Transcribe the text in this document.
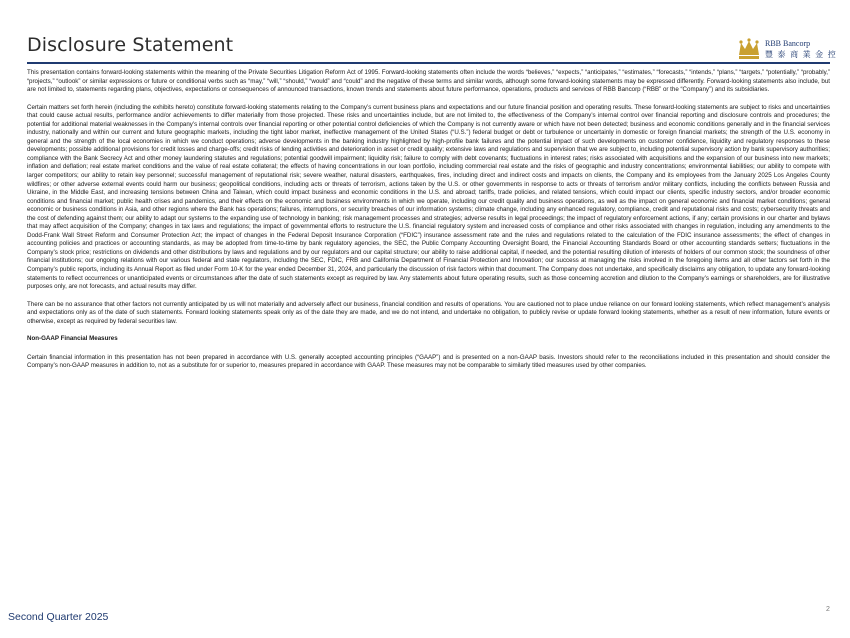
Disclosure Statement	RBB Bancorp
豐 泰 商 業 金 控

This presentation contains forward-looking statements within the meaning of the Private Securities Litigation Reform Act of 1995. Forward-looking statements often include the words “believes,” “expects,” “anticipates,” “estimates,” “forecasts,” “intends,” “plans,” “targets,” “potentially,” “probably,” “projects,” “outlook” or similar expressions or future or conditional verbs such as “may,” “will,” “should,” “would” and “could” and the negative of these terms and similar words, although some forward-looking statements may be expressed differently. Forward-looking statements also include, but are not limited to, statements regarding plans, objectives, expectations or consequences of announced transactions, known trends and statements about future performance, operations, products and services of RBB Bancorp (“RBB” or the “Company”) and its subsidiaries.

Certain matters set forth herein (including the exhibits hereto) constitute forward-looking statements relating to the Company’s current business plans and expectations and our future financial position and operating results. These forward-looking statements are subject to risks and uncertainties that could cause actual results, performance and/or achievements to differ materially from those projected. These risks and uncertainties include, but are not limited to, the effectiveness of the Company’s internal control over financial reporting and disclosure controls and procedures; the potential for additional material weaknesses in the Company’s internal controls over financial reporting or other potential control deficiencies of which the Company is not currently aware or which have not been detected; business and economic conditions generally and in the financial services industry, nationally and within our current and future geographic markets, including the tight labor market, ineffective management of the United States (“U.S.”) federal budget or debt or turbulence or uncertainly in domestic or foreign financial markets; the strength of the U.S. economy in general and the strength of the local economies in which we conduct operations; adverse developments in the banking industry highlighted by high-profile bank failures and the potential impact of such developments on customer confidence, liquidity and regulatory responses to these developments; possible additional provisions for credit losses and charge-offs; credit risks of lending activities and deterioration in asset or credit quality; extensive laws and regulations and supervision that we are subject to, including potential supervisory action by bank supervisory authorities; compliance with the Bank Secrecy Act and other money laundering statutes and regulations; potential goodwill impairment; liquidity risk; failure to comply with debt covenants; fluctuations in interest rates; risks associated with acquisitions and the expansion of our business into new markets; inflation and deflation; real estate market conditions and the value of real estate collateral; the effects of having concentrations in our loan portfolio, including commercial real estate and the risks of geographic and industry concentrations; environmental liabilities; our ability to compete with larger competitors; our ability to retain key personnel; successful management of reputational risk; severe weather, natural disasters, earthquakes, fires, including direct and indirect costs and impacts on clients, the Company and its employees from the January 2025 Los Angeles County wildfires; or other adverse external events could harm our business; geopolitical conditions, including acts or threats of terrorism, actions taken by the U.S. or other governments in response to acts or threats of terrorism and/or military conflicts, including the conflicts between Russia and Ukraine, in the Middle East, and increasing tensions between China and Taiwan, which could impact business and economic conditions in the U.S. and abroad; tariffs, trade policies, and related tensions, which could impact our clients, specific industry sectors, and/or broader economic conditions and financial market; public health crises and pandemics, and their effects on the economic and business environments in which we operate, including our credit quality and business operations, as well as the impact on general economic and financial market conditions; general economic or business conditions in Asia, and other regions where the Bank has operations; failures, interruptions, or security breaches of our information systems; climate change, including any enhanced regulatory, compliance, credit and reputational risks and costs; cybersecurity threats and the cost of defending against them; our ability to adapt our systems to the expanding use of technology in banking; risk management processes and strategies; adverse results in legal proceedings; the impact of regulatory enforcement actions, if any; certain provisions in our charter and bylaws that may affect acquisition of the Company; changes in tax laws and regulations; the impact of governmental efforts to restructure the U.S. financial regulatory system and increased costs of compliance and other risks associated with changes in regulation, including any amendments to the Dodd-Frank Wall Street Reform and Consumer Protection Act; the impact of changes in the Federal Deposit Insurance Corporation (“FDIC”) insurance assessment rate and the rules and regulations related to the calculation of the FDIC insurance assessments; the effect of changes in accounting policies and practices or accounting standards, as may be adopted from time-to-time by bank regulatory agencies, the SEC, the Public Company Accounting Oversight Board, the Financial Accounting Standards Board or other accounting standards setters; fluctuations in the Company’s stock price; restrictions on dividends and other distributions by laws and regulations and by our regulators and our capital structure; our ability to raise additional capital, if needed, and the potential resulting dilution of interests of holders of our common stock; the soundness of other financial institutions; our ongoing relations with our various federal and state regulators, including the SEC, FDIC, FRB and California Department of Financial Protection and Innovation; our success at managing the risks involved in the foregoing items and all other factors set forth in the Company’s public reports, including its Annual Report as filed under Form 10-K for the year ended December 31, 2024, and particularly the discussion of risk factors within that document. The Company does not undertake, and specifically disclaims any obligation, to update any forward-looking statements to reflect occurrences or unanticipated events or circumstances after the date of such statements except as required by law. Any statements about future operating results, such as those concerning accretion and dilution to the Company’s earnings or shareholders, are for illustrative purposes only, are not forecasts, and actual results may differ.

There can be no assurance that other factors not currently anticipated by us will not materially and adversely affect our business, financial condition and results of operations. You are cautioned not to place undue reliance on our forward looking statements, which reflect management’s analysis and expectations only as of the date of such statements. Forward looking statements speak only as of the date they are made, and we do not intend, and undertake no obligation, to publicly revise or update forward looking statements, whether as a result of new information, future events or otherwise, except as required by federal securities law.

Non-GAAP Financial Measures

Certain financial information in this presentation has not been prepared in accordance with U.S. generally accepted accounting principles (“GAAP”) and is presented on a non-GAAP basis. Investors should refer to the reconciliations included in this presentation and should consider the Company’s non-GAAP measures in addition to, not as a substitute for or superior to, measures prepared in accordance with GAAP. These measures may not be comparable to similarly titled measures used by other companies.

Second Quarter 2025
2
